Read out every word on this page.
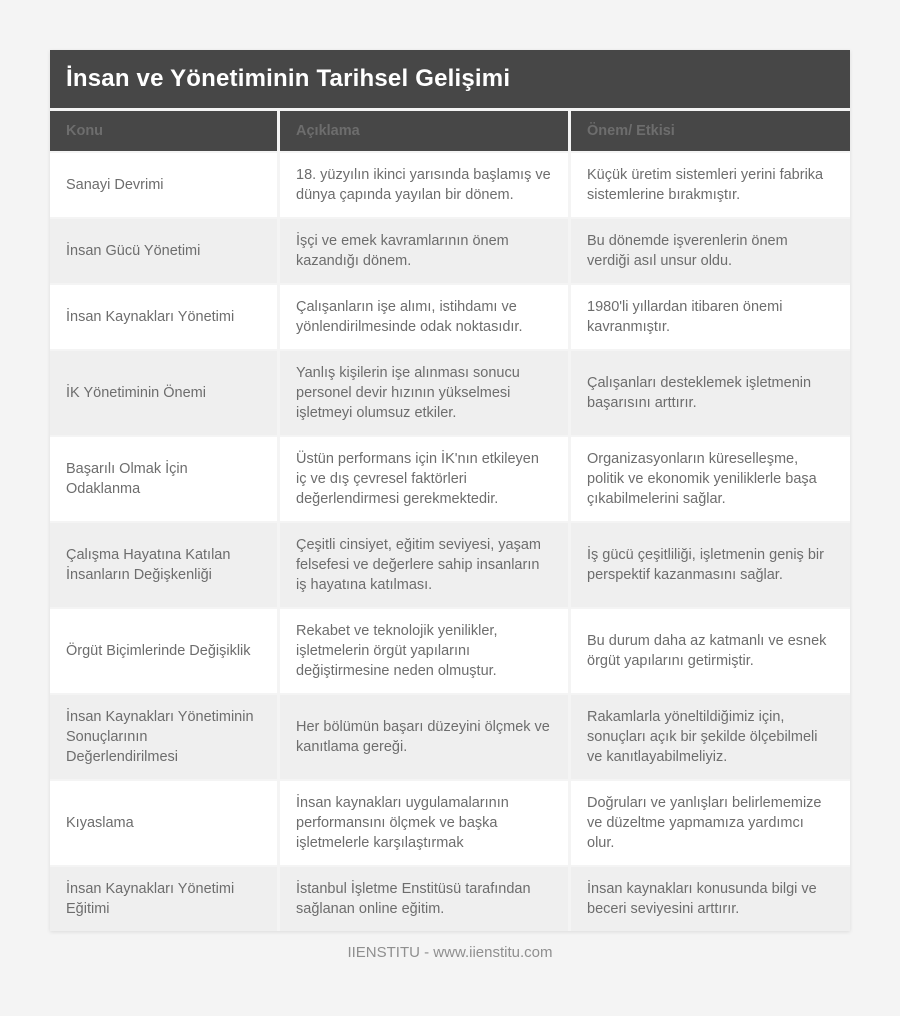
İnsan ve Yönetiminin Tarihsel Gelişimi
Konu	Açıklama	Önem/ Etkisi
Sanayi Devrimi
18. yüzyılın ikinci yarısında başlamış ve dünya çapında yayılan bir dönem.
Küçük üretim sistemleri yerini fabrika sistemlerine bırakmıştır.
İnsan Gücü Yönetimi
İşçi ve emek kavramlarının önem kazandığı dönem.
Bu dönemde işverenlerin önem verdiği asıl unsur oldu.
İnsan Kaynakları Yönetimi
Çalışanların işe alımı, istihdamı ve yönlendirilmesinde odak noktasıdır.
1980'li yıllardan itibaren önemi kavranmıştır.
İK Yönetiminin Önemi
Yanlış kişilerin işe alınması sonucu personel devir hızının yükselmesi işletmeyi olumsuz etkiler.
Çalışanları desteklemek işletmenin başarısını arttırır.
Başarılı Olmak İçin Odaklanma
Üstün performans için İK'nın etkileyen iç ve dış çevresel faktörleri değerlendirmesi gerekmektedir.
Organizasyonların küreselleşme, politik ve ekonomik yeniliklerle başa çıkabilmelerini sağlar.
Çalışma Hayatına Katılan İnsanların Değişkenliği
Çeşitli cinsiyet, eğitim seviyesi, yaşam felsefesi ve değerlere sahip insanların iş hayatına katılması.
İş gücü çeşitliliği, işletmenin geniş bir perspektif kazanmasını sağlar.
Örgüt Biçimlerinde Değişiklik
Rekabet ve teknolojik yenilikler, işletmelerin örgüt yapılarını değiştirmesine neden olmuştur.
Bu durum daha az katmanlı ve esnek örgüt yapılarını getirmiştir.
İnsan Kaynakları Yönetiminin Sonuçlarının Değerlendirilmesi
Her bölümün başarı düzeyini ölçmek ve kanıtlama gereği.
Rakamlarla yöneltildiğimiz için, sonuçları açık bir şekilde ölçebilmeli ve kanıtlayabilmeliyiz.
Kıyaslama
İnsan kaynakları uygulamalarının performansını ölçmek ve başka işletmelerle karşılaştırmak
Doğruları ve yanlışları belirlememize ve düzeltme yapmamıza yardımcı olur.
İnsan Kaynakları Yönetimi Eğitimi
İstanbul İşletme Enstitüsü tarafından sağlanan online eğitim.
İnsan kaynakları konusunda bilgi ve beceri seviyesini arttırır.
IIENSTITU - www.iienstitu.com
